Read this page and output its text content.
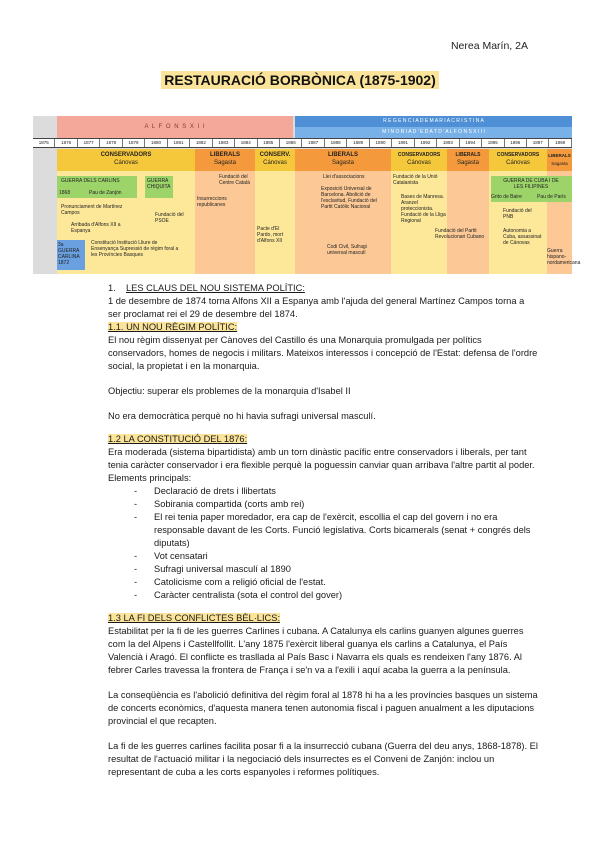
Nerea Marín, 2A
RESTAURACIÓ BORBÒNICA (1875-1902)
A L F O N S X I I
R E G E N C I A D E M A R I A C R I S T I N A
M I N O R I A D ' E D A T D ' A L F O N S X I I I
1875	1876	1877	1878	1879	1880	1881	1882	1883	1884	1885	1886	1887	1888	1889	1890	1891	1892	1893	1894	1895	1896	1897	1898
CONSERVADORS
Cánovas
LIBERALS
Sagasta
CONSERV.
Cánovas
LIBERALS
Sagasta
CONSERVADORS
Cánovas
LIBERALS
Sagasta
CONSERVADORS
Cánovas
LIBERALS
Sagasta
GUERRA DELS CARLINS
1868	Pau de Zanjón
GUERRA CHIQUITA
3a GUERRA CARLINA 1872
Pronunciament de Martínez Campos
Arribada d'Alfons XII a Espanya
Fundació del PSOE
Constitució Institució Lliure de Ensenyança Supressió de règim foral a les Províncies Basques
Fundació del Centre Català
Insurreccions republicanes
Pacte d'El Pardo, mort d'Alfons XII
Llei d'associacions
Exposició Universal de Barcelona. Abolició de l'esclavitud. Fundació del Partit Catòlic Nacional
Codi Civil, Sufragi universal masculí
Fundació de la Unió Catalanista
Bases de Manresa. Aranzel proteccionista. Fundació de la Lliga Regional
Fundació del Partit Revolucionari Cubano
GUERRA DE CUBA I DE LES FILIPINES
Grito de Baire	Pau de París
Fundació del PNB
Autonomia a Cuba, assassinat de Cánovas
Guerra hispano-nordamericana

1. LES CLAUS DEL NOU SISTEMA POLÍTIC:

1 de desembre de 1874 torna Alfons XII a Espanya amb l'ajuda del general Martínez Campos torna a ser proclamat rei el 29 de desembre del 1874.

1.1. UN NOU RÈGIM POLÍTIC:

El nou règim dissenyat per Cànoves del Castillo és una Monarquia promulgada per polítics conservadors, homes de negocis i militars. Mateixos interessos i concepció de l'Estat: defensa de l'ordre social, la propietat i en la monarquia.

Objectiu: superar els problemes de la monarquia d'Isabel II

No era democràtica perquè no hi havia sufragi universal masculí.

1.2 LA CONSTITUCIÓ DEL 1876:

Era moderada (sistema bipartidista) amb un torn dinàstic pacífic entre conservadors i liberals, per tant tenia caràcter conservador i era flexible perquè la poguessin canviar quan arribava l'altre partit al poder. Elements principals:

- Declaració de drets i llibertats
- Sobirania compartida (corts amb rei)
- El rei tenia paper moredador, era cap de l'exèrcit, escollia el cap del govern i no era responsable davant de les Corts. Funció legislativa. Corts bicamerals (senat + congrés dels diputats)
- Vot censatari
- Sufragi universal masculí al 1890
- Catolicisme com a religió oficial de l'estat.
- Caràcter centralista (sota el control del gover)

1.3 LA FI DELS CONFLICTES BÈL·LICS:

Estabilitat per la fi de les guerres Carlines i cubana. A Catalunya els carlins guanyen algunes guerres com la del Alpens i Castellfollit. L'any 1875 l'exèrcit liberal guanya els carlins a Catalunya, el País Valencià i Aragó. El conflicte es trasllada al País Basc i Navarra els quals es rendeixen l'any 1876. Al febrer Carles travessa la frontera de França i se'n va a l'exili i aquí acaba la guerra a la península.

La conseqüència es l'abolició definitiva del règim foral al 1878 hi ha a les províncies basques un sistema de concerts econòmics, d'aquesta manera tenen autonomia fiscal i paguen anualment a les diputacions provincial el que recapten.

La fi de les guerres carlines facilita posar fi a la insurrecció cubana (Guerra del deu anys, 1868-1878). El resultat de l'actuació militar i la negociació dels insurrectes es el Conveni de Zanjón: inclou un representant de cuba a les corts espanyoles i reformes polítiques.
